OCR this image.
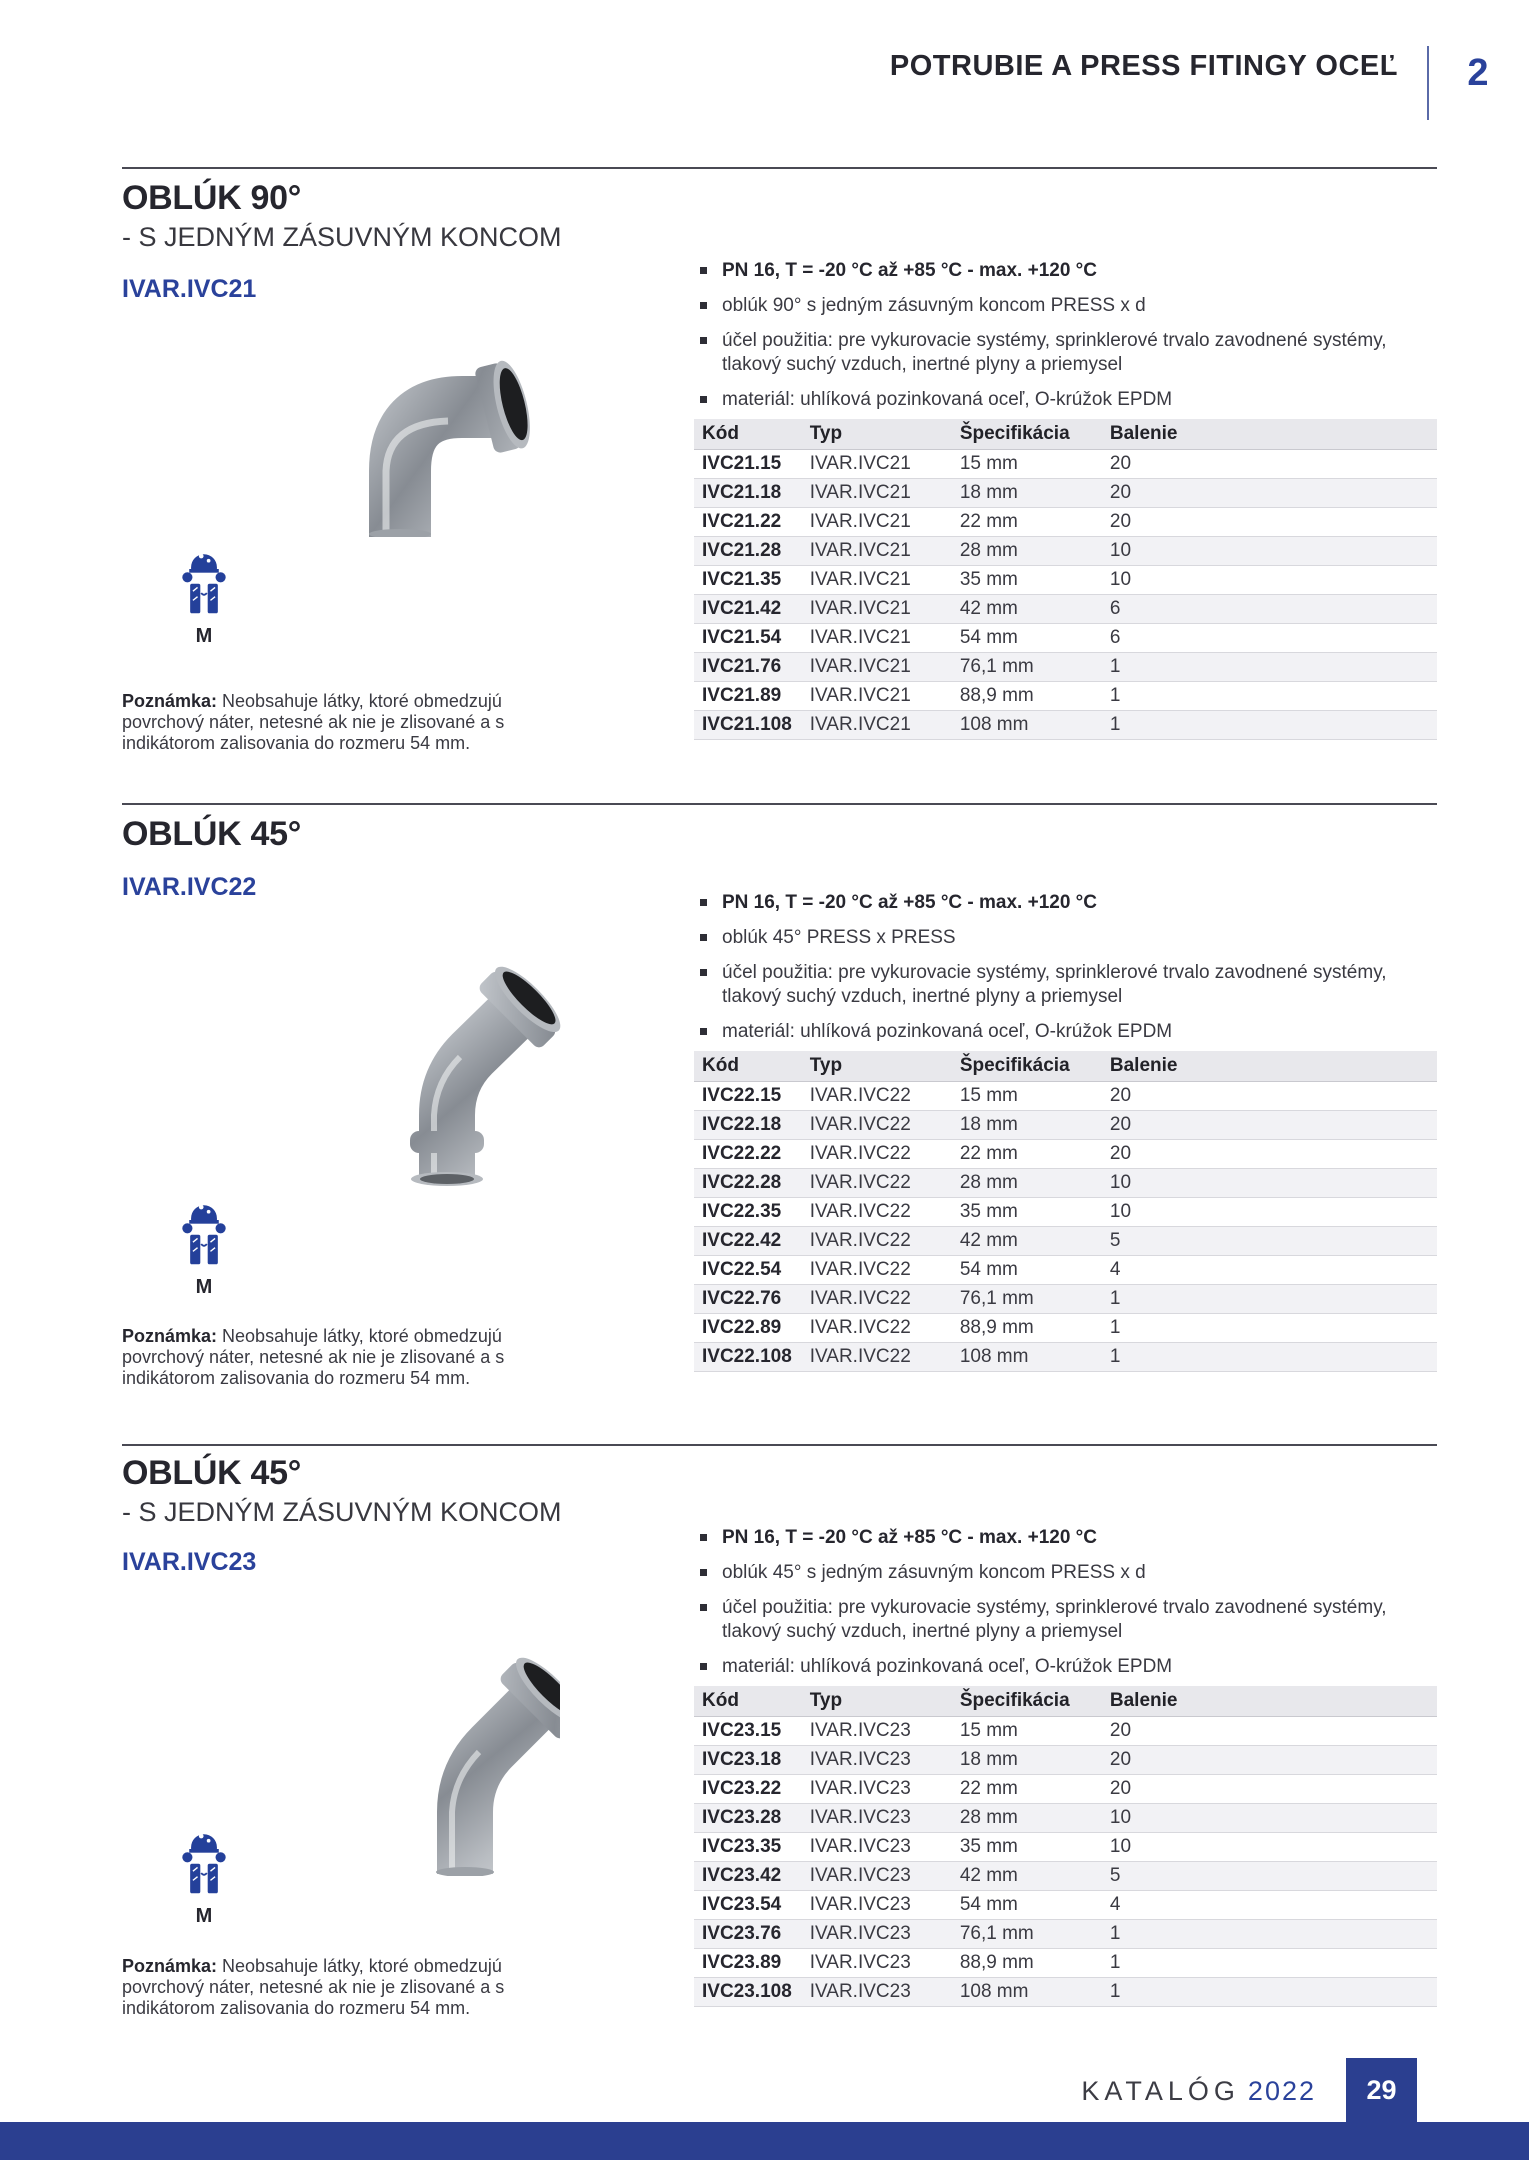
POTRUBIE A PRESS FITINGY OCEĽ	2
OBLÚK 90°
- S JEDNÝM ZÁSUVNÝM KONCOM
IVAR.IVC21
M

Poznámka: Neobsahuje látky, ktoré obmedzujú povrchový náter, netesné ak nie je zlisované a s indikátorom zalisovania do rozmeru 54 mm.

PN 16, T = -20 °C až +85 °C - max. +120 °C
oblúk 90° s jedným zásuvným koncom PRESS x d
účel použitia: pre vykurovacie systémy, sprinklerové trvalo zavodnené systémy, tlakový suchý vzduch, inertné plyny a priemysel
materiál: uhlíková pozinkovaná oceľ, O-krúžok EPDM
Kód	Typ	Špecifikácia	Balenie
IVC21.15	IVAR.IVC21	15 mm	20
IVC21.18	IVAR.IVC21	18 mm	20
IVC21.22	IVAR.IVC21	22 mm	20
IVC21.28	IVAR.IVC21	28 mm	10
IVC21.35	IVAR.IVC21	35 mm	10
IVC21.42	IVAR.IVC21	42 mm	6
IVC21.54	IVAR.IVC21	54 mm	6
IVC21.76	IVAR.IVC21	76,1 mm	1
IVC21.89	IVAR.IVC21	88,9 mm	1
IVC21.108	IVAR.IVC21	108 mm	1
OBLÚK 45°
IVAR.IVC22
M

Poznámka: Neobsahuje látky, ktoré obmedzujú povrchový náter, netesné ak nie je zlisované a s indikátorom zalisovania do rozmeru 54 mm.

PN 16, T = -20 °C až +85 °C - max. +120 °C
oblúk 45° PRESS x PRESS
účel použitia: pre vykurovacie systémy, sprinklerové trvalo zavodnené systémy, tlakový suchý vzduch, inertné plyny a priemysel
materiál: uhlíková pozinkovaná oceľ, O-krúžok EPDM
Kód	Typ	Špecifikácia	Balenie
IVC22.15	IVAR.IVC22	15 mm	20
IVC22.18	IVAR.IVC22	18 mm	20
IVC22.22	IVAR.IVC22	22 mm	20
IVC22.28	IVAR.IVC22	28 mm	10
IVC22.35	IVAR.IVC22	35 mm	10
IVC22.42	IVAR.IVC22	42 mm	5
IVC22.54	IVAR.IVC22	54 mm	4
IVC22.76	IVAR.IVC22	76,1 mm	1
IVC22.89	IVAR.IVC22	88,9 mm	1
IVC22.108	IVAR.IVC22	108 mm	1
OBLÚK 45°
- S JEDNÝM ZÁSUVNÝM KONCOM
IVAR.IVC23
M

Poznámka: Neobsahuje látky, ktoré obmedzujú povrchový náter, netesné ak nie je zlisované a s indikátorom zalisovania do rozmeru 54 mm.

PN 16, T = -20 °C až +85 °C - max. +120 °C
oblúk 45° s jedným zásuvným koncom PRESS x d
účel použitia: pre vykurovacie systémy, sprinklerové trvalo zavodnené systémy, tlakový suchý vzduch, inertné plyny a priemysel
materiál: uhlíková pozinkovaná oceľ, O-krúžok EPDM
Kód	Typ	Špecifikácia	Balenie
IVC23.15	IVAR.IVC23	15 mm	20
IVC23.18	IVAR.IVC23	18 mm	20
IVC23.22	IVAR.IVC23	22 mm	20
IVC23.28	IVAR.IVC23	28 mm	10
IVC23.35	IVAR.IVC23	35 mm	10
IVC23.42	IVAR.IVC23	42 mm	5
IVC23.54	IVAR.IVC23	54 mm	4
IVC23.76	IVAR.IVC23	76,1 mm	1
IVC23.89	IVAR.IVC23	88,9 mm	1
IVC23.108	IVAR.IVC23	108 mm	1
KATALÓG 2022 29
